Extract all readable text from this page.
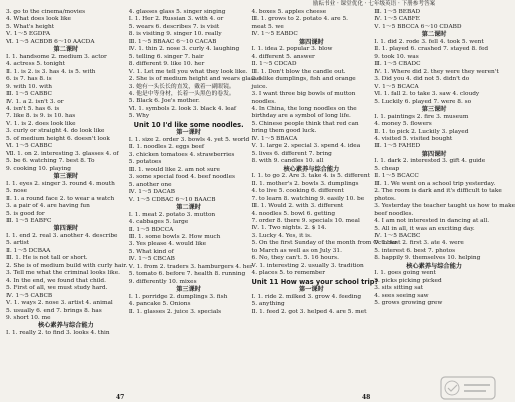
励耘书业 · 课堂优化 · 七年级英语 · 下册参考答案
3. go to the cinema/movies
4. What does look like
5. What's height
Ⅴ. 1～5 EGDFA
Ⅵ. 1～5 ACBDB 6～10 AACDA
第二课时
Ⅰ. 1. handsome 2. medium 3. actor
4. actress 5. tonight
Ⅱ. 1. is 2. is 3. has 4. is 5. with
6. is 7. has 8. is
9. with 10. with
Ⅲ. 1～5 CABBC
Ⅳ. 1. a 2. isn't 3. or
4. isn't 5. has 6. is
7. like 8. is 9. is 10. has
Ⅴ. 1. is 2. does look like
3. curly or straight 4. do look like
5. of medium height 6. doesn't look
Ⅵ. 1～5 CABBC
Ⅶ. 1. on 2. interesting 3. glasses 4. of
5. be 6. watching 7. best 8. To
9. cooking 10. playing
第三课时
Ⅰ. 1. eyes 2. singer 3. round 4. mouth
5. nose
Ⅱ. 1. a round face 2. to wear a watch
3. a pair of 4. are having fun
5. is good for
Ⅲ. 1～5 EABFC
第四课时
Ⅰ. 1. end 2. real 3. another 4. describe
5. artist
Ⅱ. 1～5 DCBAA
Ⅲ. 1. He is not tall or short.
2. She is of medium build with curly hair.
3. Tell me what the criminal looks like.
4. In the end, we found that child.
5. First of all, we must study hard.
Ⅳ. 1～5 CABCB
Ⅴ. 1. ways 2. nose 3. artist 4. animal
5. usually 6. end 7. brings 8. has
9. short 10. me
核心素养与综合能力
Ⅰ. 1. really 2. to find 3. looks 4. thin
4. glasses glass 5. singer singing
Ⅰ. 1. Her 2. Russian 3. with 4. or
5. wears 6. describes 7. is visit
8. is visiting 9. singer 10. really
Ⅲ. 1～5 BBAAC 6～10 CACAB
Ⅳ. 1. thin 2. nose 3. curly 4. laughing
5. telling 6. singer 7. hair
8. different 9. like 10. her
Ⅴ. 1. Let me tell you what they look like.
2. She is of medium height and wears glasses.
3. 她有一头长长的直发，戴着一副眼镜。
4. 他是中等身材，长着一头黑色的卷发。
5. Black 6. Joe's mother.
Ⅵ. 1. symbols 2. look 3. black 4. leaf
5. Why
Unit 10 I'd like some noodles.
第一课时
Ⅰ. 1. size 2. order 3. bowls 4. yet 5. world
Ⅱ. 1. noodles 2. eggs beef
3. chicken tomatoes 4. strawberries
5. potatoes
Ⅲ. 1. would like 2. am not sure
3. some special food 4. beef noodles
5. another one
Ⅳ. 1～5 DACAB
Ⅴ. 1～5 CDBAC 6～10 BAACB
第二课时
Ⅰ. 1. meat 2. potato 3. mutton
4. cabbages 5. large
Ⅱ. 1～5 BDCCA
Ⅲ. 1. some bowls 2. How much
3. Yes please 4. would like
5. What kind of
Ⅳ. 1～5 CBCAB
Ⅴ. 1. from 2. traders 3. hamburgers 4. her
5. tomato 6. before 7. health 8. running
9. differently 10. mixes
第三课时
Ⅰ. 1. porridge 2. dumplings 3. fish
4. pancake 5. Onions
Ⅱ. 1. glasses 2. juice 3. specials
4. boxes 5. apples cheese
Ⅲ. 1. grows to 2. potato 4. are 5.
meat 5. we
Ⅳ. 1～5 EABDC
第四课时
Ⅰ. 1. idea 2. popular 3. blow
4. different 5. answer
Ⅱ. 1～5 CDCAD
Ⅲ. 1. Don't blow the candle out.
2. I like dumplings, fish and orange
juice.
3. I want three big bowls of mutton
noodles.
4. In China, the long noodles on the
birthday are a symbol of long life.
5. Chinese people think that red can
bring them good luck.
Ⅳ. 1～5 BBACA
Ⅴ. 1. large 2. special 3. spend 4. idea
5. lives 6. different 7. bring
8. with 9. candles 10. all
核心素养与综合能力
Ⅰ. 1. to go 2. Are 3. take 4. is 5. different
Ⅱ. 1. mother's 2. bowls 3. dumplings
4. to live 5. cooking 6. different
7. to learn 8. watching 9. easily 10. be
Ⅲ. 1. Would 2. with 3. different
4. noodles 5. bowl 6. getting
7. order 8. there 9. specials 10. meal
Ⅳ. 1. Two nights. 2. $ 14.
3. Lucky 4. Yes, it is.
5. On the first Sunday of the month from October
to March as well as on July 31.
6. No, they can't. 5. 16 hours.
Ⅴ. 1. interesting 2. usually 3. tradition
4. places 5. to remember
Unit 11 How was your school trip?
第一课时
Ⅰ. 1. ride 2. milked 3. grow 4. feeding
5. anything
Ⅱ. 1. feed 2. got 3. helped 4. are 5. met
Ⅲ. 1～5 BEBAD
Ⅳ. 1～5 CABFE
Ⅴ. 1～5 BBCCA 6～10 CDABD
第二课时
Ⅰ. 1. did 2. rode 3. fell 4. took 5. went
Ⅱ. 1. played 6. crashed 7. stayed 8. fed
9. took 10. was
Ⅲ. 1～5 CBADC
Ⅳ. 1. Where did 2. they were they weren't
3. Did you 4. did not 5. didn't do
Ⅴ. 1～5 BCACA
Ⅵ. 1. fall 2. to take 3. saw 4. cloudy
5. Luckily 6. played 7. were 8. so
第三课时
Ⅰ. 1. paintings 2. fire 3. museum
4. money 5. flowers
Ⅱ. 1. to pick 2. Luckily 3. played
4. visited 5. visited bought
Ⅲ. 1～5 FAHED
第四课时
Ⅰ. 1. dark 2. interested 3. gift 4. guide
5. cheap
Ⅱ. 1～5 BCACC
Ⅲ. 1. We went on a school trip yesterday.
2. The room is dark and it's difficult to take
photos.
3. Yesterday the teacher taught us how to make
beef noodles.
4. I am not interested in dancing at all.
5. All in all, it was an exciting day.
Ⅳ. 1～5 BACBC
Ⅴ. 1. fast 2. first 3. ate 4. were
5. interest 6. best 7. photos
8. happily 9. themselves 10. helping
核心素养与综合能力
Ⅰ. 1. goes going went
2. picks picking picked
3. sits sitting sat
4. sees seeing saw
5. grows growing grew
47	48
